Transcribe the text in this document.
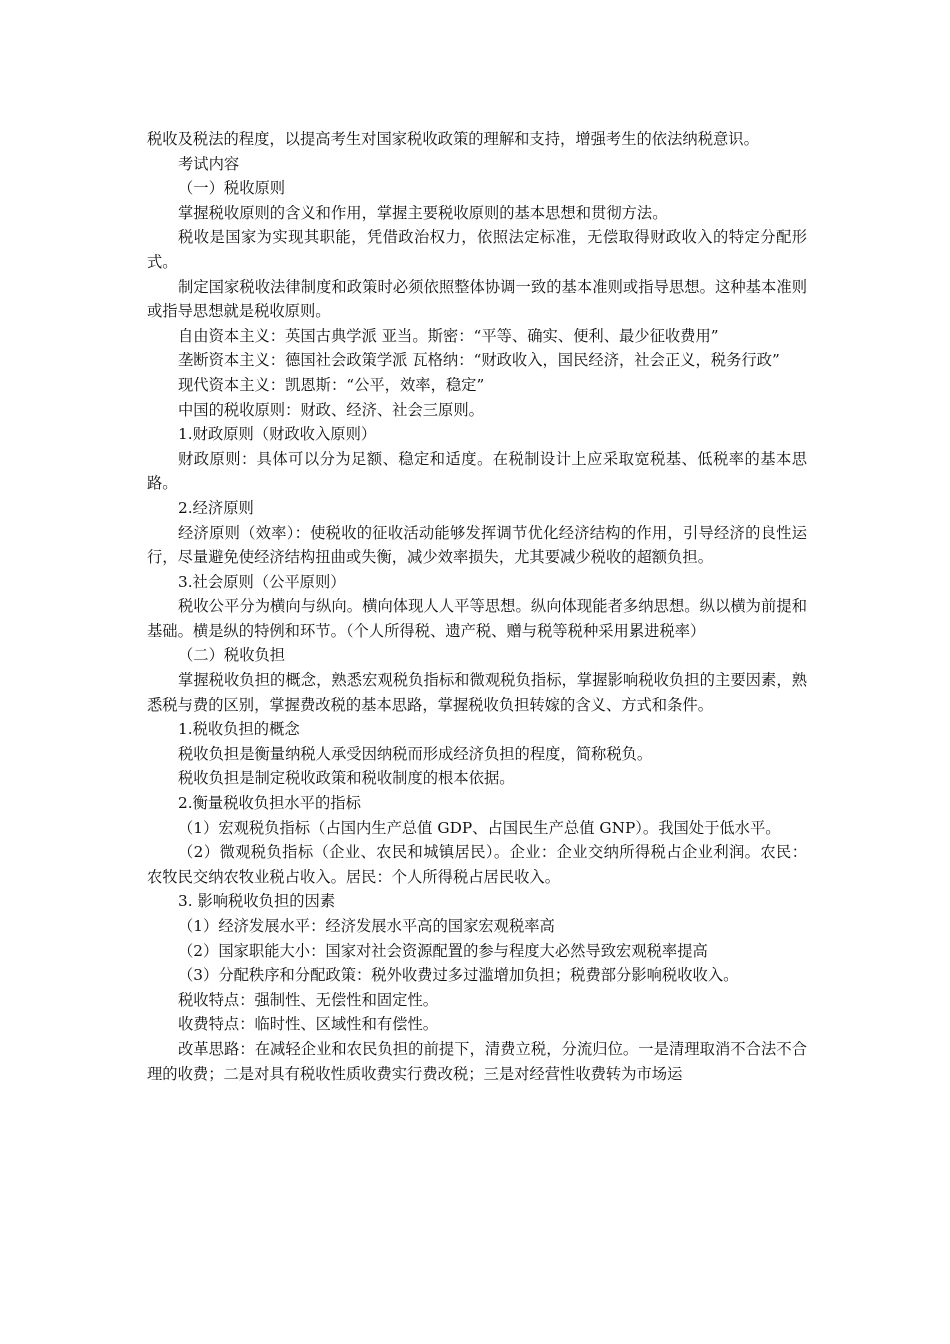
税收及税法的程度，以提高考生对国家税收政策的理解和支持，增强考生的依法纳税意识。

考试内容

（一）税收原则

掌握税收原则的含义和作用，掌握主要税收原则的基本思想和贯彻方法。

税收是国家为实现其职能，凭借政治权力，依照法定标准，无偿取得财政收入的特定分配形式。

制定国家税收法律制度和政策时必须依照整体协调一致的基本准则或指导思想。这种基本准则或指导思想就是税收原则。

自由资本主义：英国古典学派 亚当。斯密：“平等、确实、便利、最少征收费用”

垄断资本主义：德国社会政策学派 瓦格纳：“财政收入，国民经济，社会正义，税务行政”

现代资本主义：凯恩斯：“公平，效率，稳定”

中国的税收原则：财政、经济、社会三原则。

1.财政原则（财政收入原则）

财政原则：具体可以分为足额、稳定和适度。在税制设计上应采取宽税基、低税率的基本思路。

2.经济原则

经济原则（效率）：使税收的征收活动能够发挥调节优化经济结构的作用，引导经济的良性运行，尽量避免使经济结构扭曲或失衡，减少效率损失，尤其要减少税收的超额负担。

3.社会原则（公平原则）

税收公平分为横向与纵向。横向体现人人平等思想。纵向体现能者多纳思想。纵以横为前提和基础。横是纵的特例和环节。（个人所得税、遗产税、赠与税等税种采用累进税率）

（二）税收负担

掌握税收负担的概念，熟悉宏观税负指标和微观税负指标，掌握影响税收负担的主要因素，熟悉税与费的区别，掌握费改税的基本思路，掌握税收负担转嫁的含义、方式和条件。

1.税收负担的概念

税收负担是衡量纳税人承受因纳税而形成经济负担的程度，简称税负。

税收负担是制定税收政策和税收制度的根本依据。

2.衡量税收负担水平的指标

（1）宏观税负指标（占国内生产总值 GDP、占国民生产总值 GNP）。我国处于低水平。

（2）微观税负指标（企业、农民和城镇居民）。企业：企业交纳所得税占企业利润。农民：农牧民交纳农牧业税占收入。居民：个人所得税占居民收入。

3. 影响税收负担的因素

（1）经济发展水平：经济发展水平高的国家宏观税率高

（2）国家职能大小：国家对社会资源配置的参与程度大必然导致宏观税率提高

（3）分配秩序和分配政策：税外收费过多过滥增加负担；税费部分影响税收收入。

税收特点：强制性、无偿性和固定性。

收费特点：临时性、区域性和有偿性。

改革思路：在减轻企业和农民负担的前提下，清费立税，分流归位。一是清理取消不合法不合理的收费；二是对具有税收性质收费实行费改税；三是对经营性收费转为市场运
